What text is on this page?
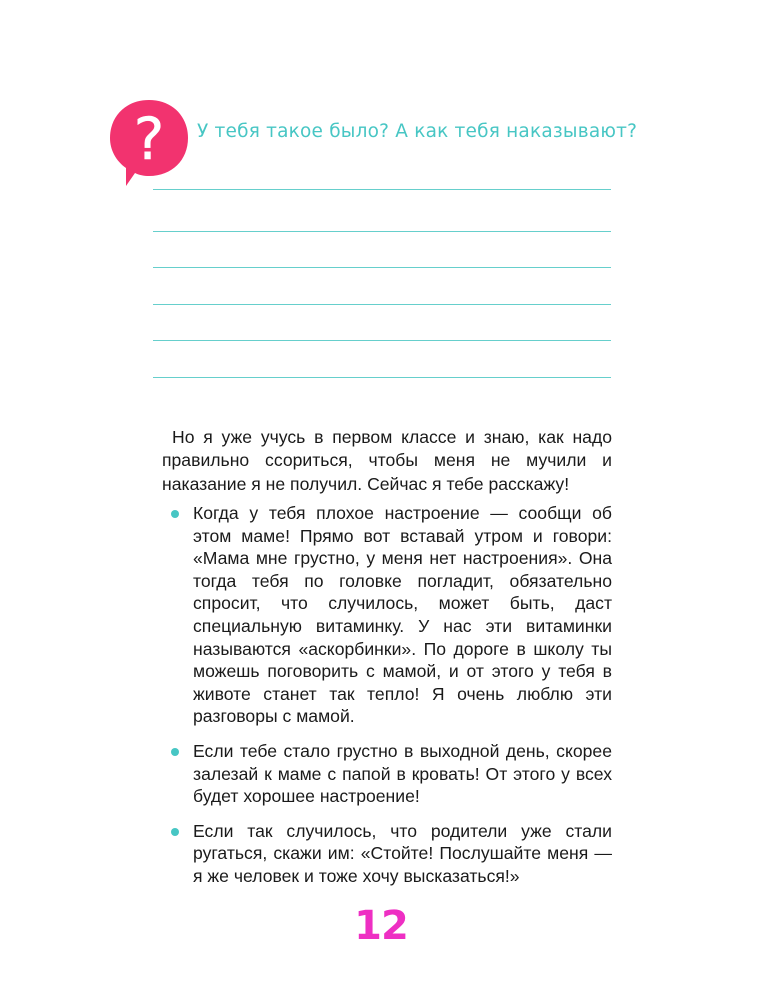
? У тебя такое было? А как тебя наказывают?

Но я уже учусь в первом классе и знаю, как надо правильно ссориться, чтобы меня не мучили и наказание я не получил. Сейчас я тебе расскажу!

Когда у тебя плохое настроение — сообщи об этом маме! Прямо вот вставай утром и говори: «Мама мне грустно, у меня нет настроения». Она тогда тебя по головке погладит, обязательно спросит, что случилось, может быть, даст специальную витаминку. У нас эти витаминки называются «аскорбинки». По дороге в школу ты можешь поговорить с мамой, и от этого у тебя в животе станет так тепло! Я очень люблю эти разговоры с мамой.
Если тебе стало грустно в выходной день, скорее залезай к маме с папой в кровать! От этого у всех будет хорошее настроение!
Если так случилось, что родители уже стали ругаться, скажи им: «Стойте! Послушайте меня — я же человек и тоже хочу высказаться!»
12
